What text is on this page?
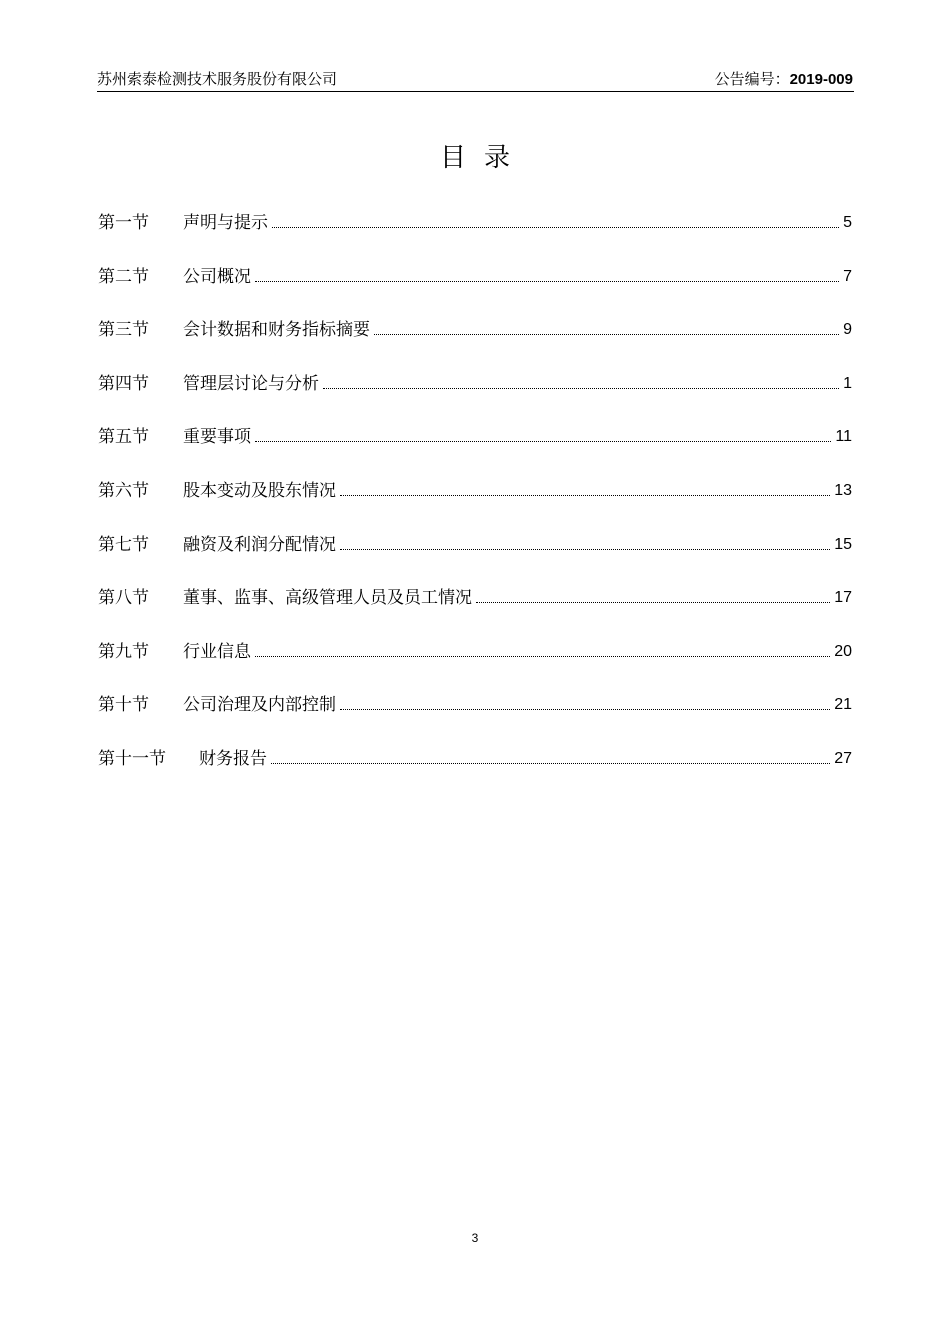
苏州索泰检测技术服务股份有限公司	公告编号：2019-009
目录
第一节	声明与提示	5
第二节	公司概况	7
第三节	会计数据和财务指标摘要	9
第四节	管理层讨论与分析	1
第五节	重要事项	11
第六节	股本变动及股东情况	13
第七节	融资及利润分配情况	15
第八节	董事、监事、高级管理人员及员工情况	17
第九节	行业信息	20
第十节	公司治理及内部控制	21
第十一节	财务报告	27
3
